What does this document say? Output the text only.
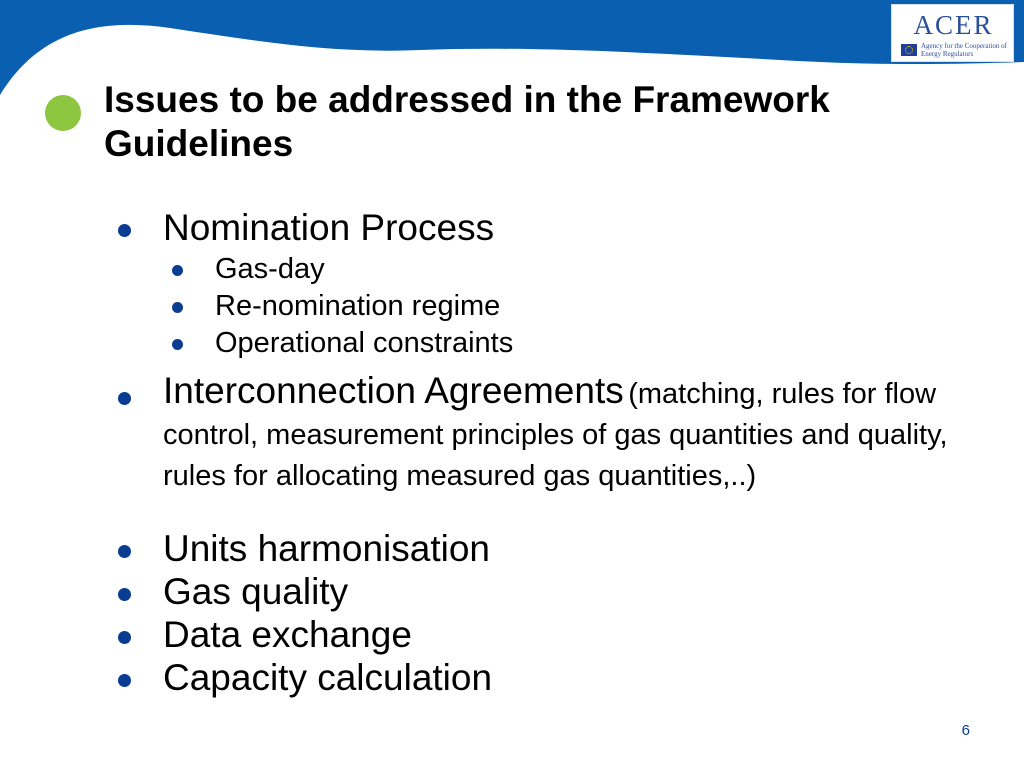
ACER
Agency for the Cooperation of Energy Regulators
Issues to be addressed in the Framework Guidelines
Nomination Process
Gas-day
Re-nomination regime
Operational constraints
Interconnection Agreements (matching, rules for flow control, measurement principles of gas quantities and quality, rules for allocating measured gas quantities,..)
Units harmonisation
Gas quality
Data exchange
Capacity calculation
6
